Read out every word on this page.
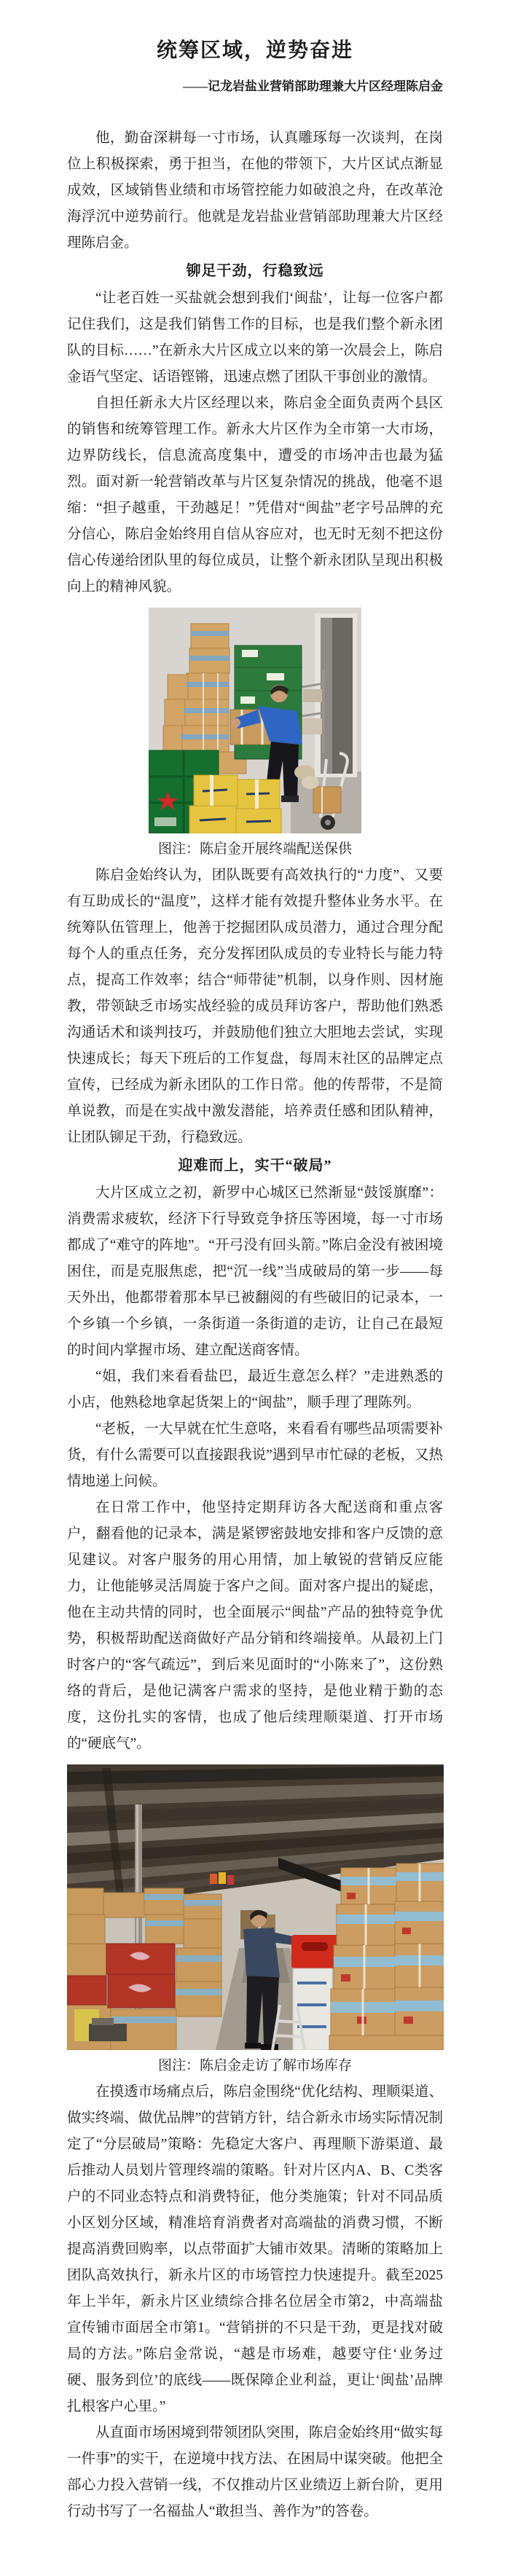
统筹区域，逆势奋进
——记龙岩盐业营销部助理兼大片区经理陈启金

他，勤奋深耕每一寸市场，认真雕琢每一次谈判，在岗位上积极探索，勇于担当，在他的带领下，大片区试点渐显成效，区域销售业绩和市场管控能力如破浪之舟，在改革沧海浮沉中逆势前行。他就是龙岩盐业营销部助理兼大片区经理陈启金。

铆足干劲，行稳致远

“让老百姓一买盐就会想到我们‘闽盐’，让每一位客户都记住我们，这是我们销售工作的目标，也是我们整个新永团队的目标……”在新永大片区成立以来的第一次晨会上，陈启金语气坚定、话语铿锵，迅速点燃了团队干事创业的激情。

自担任新永大片区经理以来，陈启金全面负责两个县区的销售和统筹管理工作。新永大片区作为全市第一大市场，边界防线长，信息流高度集中，遭受的市场冲击也最为猛烈。面对新一轮营销改革与片区复杂情况的挑战，他毫不退缩：“担子越重，干劲越足！”凭借对“闽盐”老字号品牌的充分信心，陈启金始终用自信从容应对，也无时无刻不把这份信心传递给团队里的每位成员，让整个新永团队呈现出积极向上的精神风貌。

图注：陈启金开展终端配送保供

陈启金始终认为，团队既要有高效执行的“力度”、又要有互助成长的“温度”，这样才能有效提升整体业务水平。在统筹队伍管理上，他善于挖掘团队成员潜力，通过合理分配每个人的重点任务，充分发挥团队成员的专业特长与能力特点，提高工作效率；结合“师带徒”机制，以身作则、因材施教，带领缺乏市场实战经验的成员拜访客户，帮助他们熟悉沟通话术和谈判技巧，并鼓励他们独立大胆地去尝试，实现快速成长；每天下班后的工作复盘，每周末社区的品牌定点宣传，已经成为新永团队的工作日常。他的传帮带，不是简单说教，而是在实战中激发潜能，培养责任感和团队精神，让团队铆足干劲，行稳致远。

迎难而上，实干“破局”

大片区成立之初，新罗中心城区已然渐显“鼓馁旗靡”：消费需求疲软，经济下行导致竞争挤压等困境，每一寸市场都成了“难守的阵地”。“开弓没有回头箭。”陈启金没有被困境困住，而是克服焦虑，把“沉一线”当成破局的第一步——每天外出，他都带着那本早已被翻阅的有些破旧的记录本，一个乡镇一个乡镇，一条街道一条街道的走访，让自己在最短的时间内掌握市场、建立配送商客情。

“姐，我们来看看盐巴，最近生意怎么样？”走进熟悉的小店，他熟稔地拿起货架上的“闽盐”，顺手理了理陈列。

“老板，一大早就在忙生意咯，来看看有哪些品项需要补货，有什么需要可以直接跟我说”遇到早市忙碌的老板，又热情地递上问候。

在日常工作中，他坚持定期拜访各大配送商和重点客户，翻看他的记录本，满是紧锣密鼓地安排和客户反馈的意见建议。对客户服务的用心用情，加上敏锐的营销反应能力，让他能够灵活周旋于客户之间。面对客户提出的疑虑，他在主动共情的同时，也全面展示“闽盐”产品的独特竞争优势，积极帮助配送商做好产品分销和终端接单。从最初上门时客户的“客气疏远”，到后来见面时的“小陈来了”，这份熟络的背后，是他记满客户需求的坚持，是他业精于勤的态度，这份扎实的客情，也成了他后续理顺渠道、打开市场的“硬底气”。

图注：陈启金走访了解市场库存

在摸透市场痛点后，陈启金围绕“优化结构、理顺渠道、做实终端、做优品牌”的营销方针，结合新永市场实际情况制定了“分层破局”策略：先稳定大客户、再理顺下游渠道、最后推动人员划片管理终端的策略。针对片区内A、B、C类客户的不同业态特点和消费特征，他分类施策；针对不同品质小区划分区域，精准培育消费者对高端盐的消费习惯，不断提高消费回购率，以点带面扩大铺市效果。清晰的策略加上团队高效执行，新永片区的市场管控力快速提升。截至2025年上半年，新永片区业绩综合排名位居全市第2，中高端盐宣传铺市面居全市第1。“营销拼的不只是干劲，更是找对破局的方法。”陈启金常说，“越是市场难，越要守住‘业务过硬、服务到位’的底线——既保障企业利益，更让‘闽盐’品牌扎根客户心里。”

从直面市场困境到带领团队突围，陈启金始终用“做实每一件事”的实干，在逆境中找方法、在困局中谋突破。他把全部心力投入营销一线，不仅推动片区业绩迈上新台阶，更用行动书写了一名福盐人“敢担当、善作为”的答卷。
